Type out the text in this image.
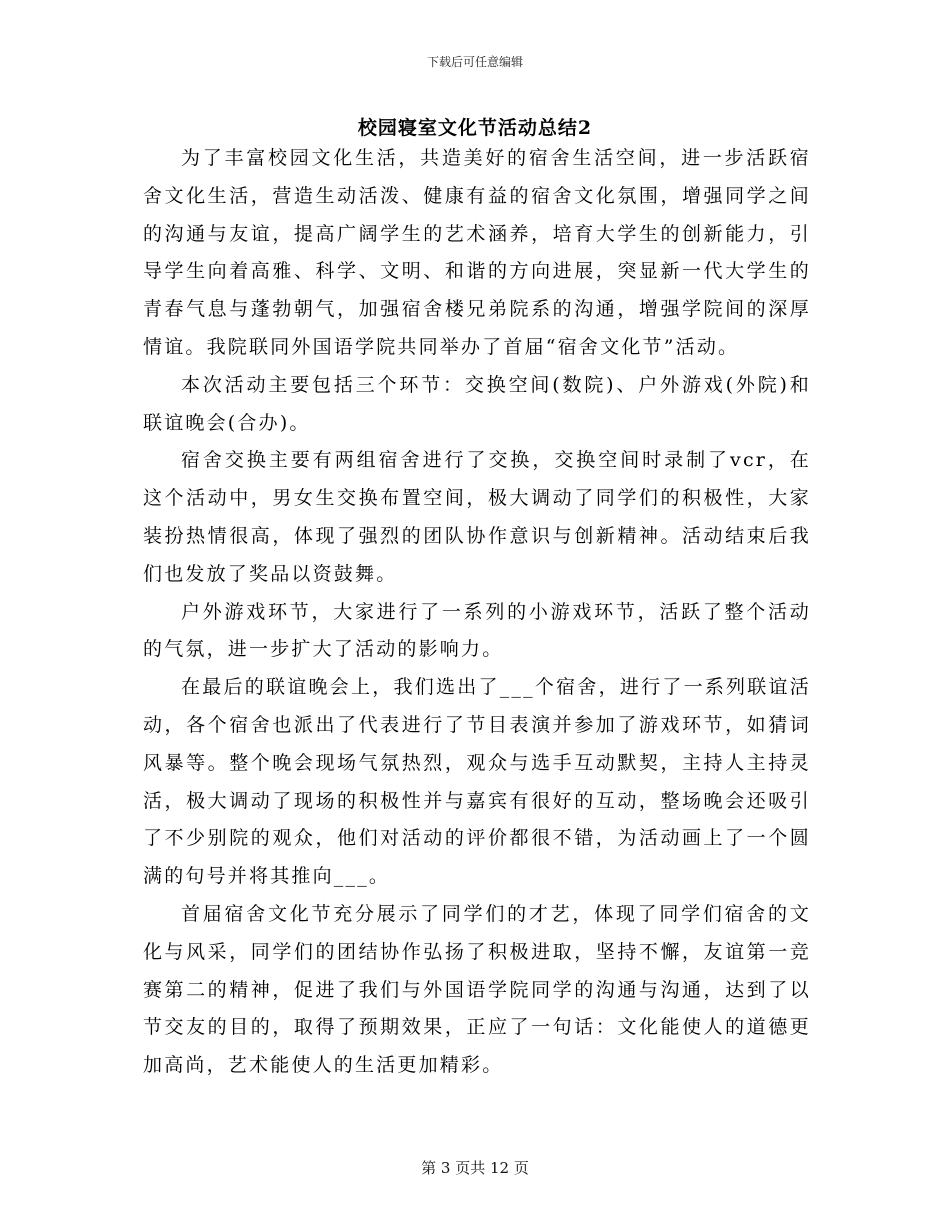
下载后可任意编辑
校园寝室文化节活动总结2

为了丰富校园文化生活，共造美好的宿舍生活空间，进一步活跃宿舍文化生活，营造生动活泼、健康有益的宿舍文化氛围，增强同学之间的沟通与友谊，提高广阔学生的艺术涵养，培育大学生的创新能力，引导学生向着高雅、科学、文明、和谐的方向进展，突显新一代大学生的青春气息与蓬勃朝气，加强宿舍楼兄弟院系的沟通，增强学院间的深厚情谊。我院联同外国语学院共同举办了首届“宿舍文化节”活动。

本次活动主要包括三个环节：交换空间(数院)、户外游戏(外院)和联谊晚会(合办)。

宿舍交换主要有两组宿舍进行了交换，交换空间时录制了vcr，在这个活动中，男女生交换布置空间，极大调动了同学们的积极性，大家装扮热情很高，体现了强烈的团队协作意识与创新精神。活动结束后我们也发放了奖品以资鼓舞。

户外游戏环节，大家进行了一系列的小游戏环节，活跃了整个活动的气氛，进一步扩大了活动的影响力。

在最后的联谊晚会上，我们选出了___个宿舍，进行了一系列联谊活动，各个宿舍也派出了代表进行了节目表演并参加了游戏环节，如猜词风暴等。整个晚会现场气氛热烈，观众与选手互动默契，主持人主持灵活，极大调动了现场的积极性并与嘉宾有很好的互动，整场晚会还吸引了不少别院的观众，他们对活动的评价都很不错，为活动画上了一个圆满的句号并将其推向___。

首届宿舍文化节充分展示了同学们的才艺，体现了同学们宿舍的文化与风采，同学们的团结协作弘扬了积极进取，坚持不懈，友谊第一竞赛第二的精神，促进了我们与外国语学院同学的沟通与沟通，达到了以节交友的目的，取得了预期效果，正应了一句话：文化能使人的道德更加高尚，艺术能使人的生活更加精彩。

第 3 页共 12 页
